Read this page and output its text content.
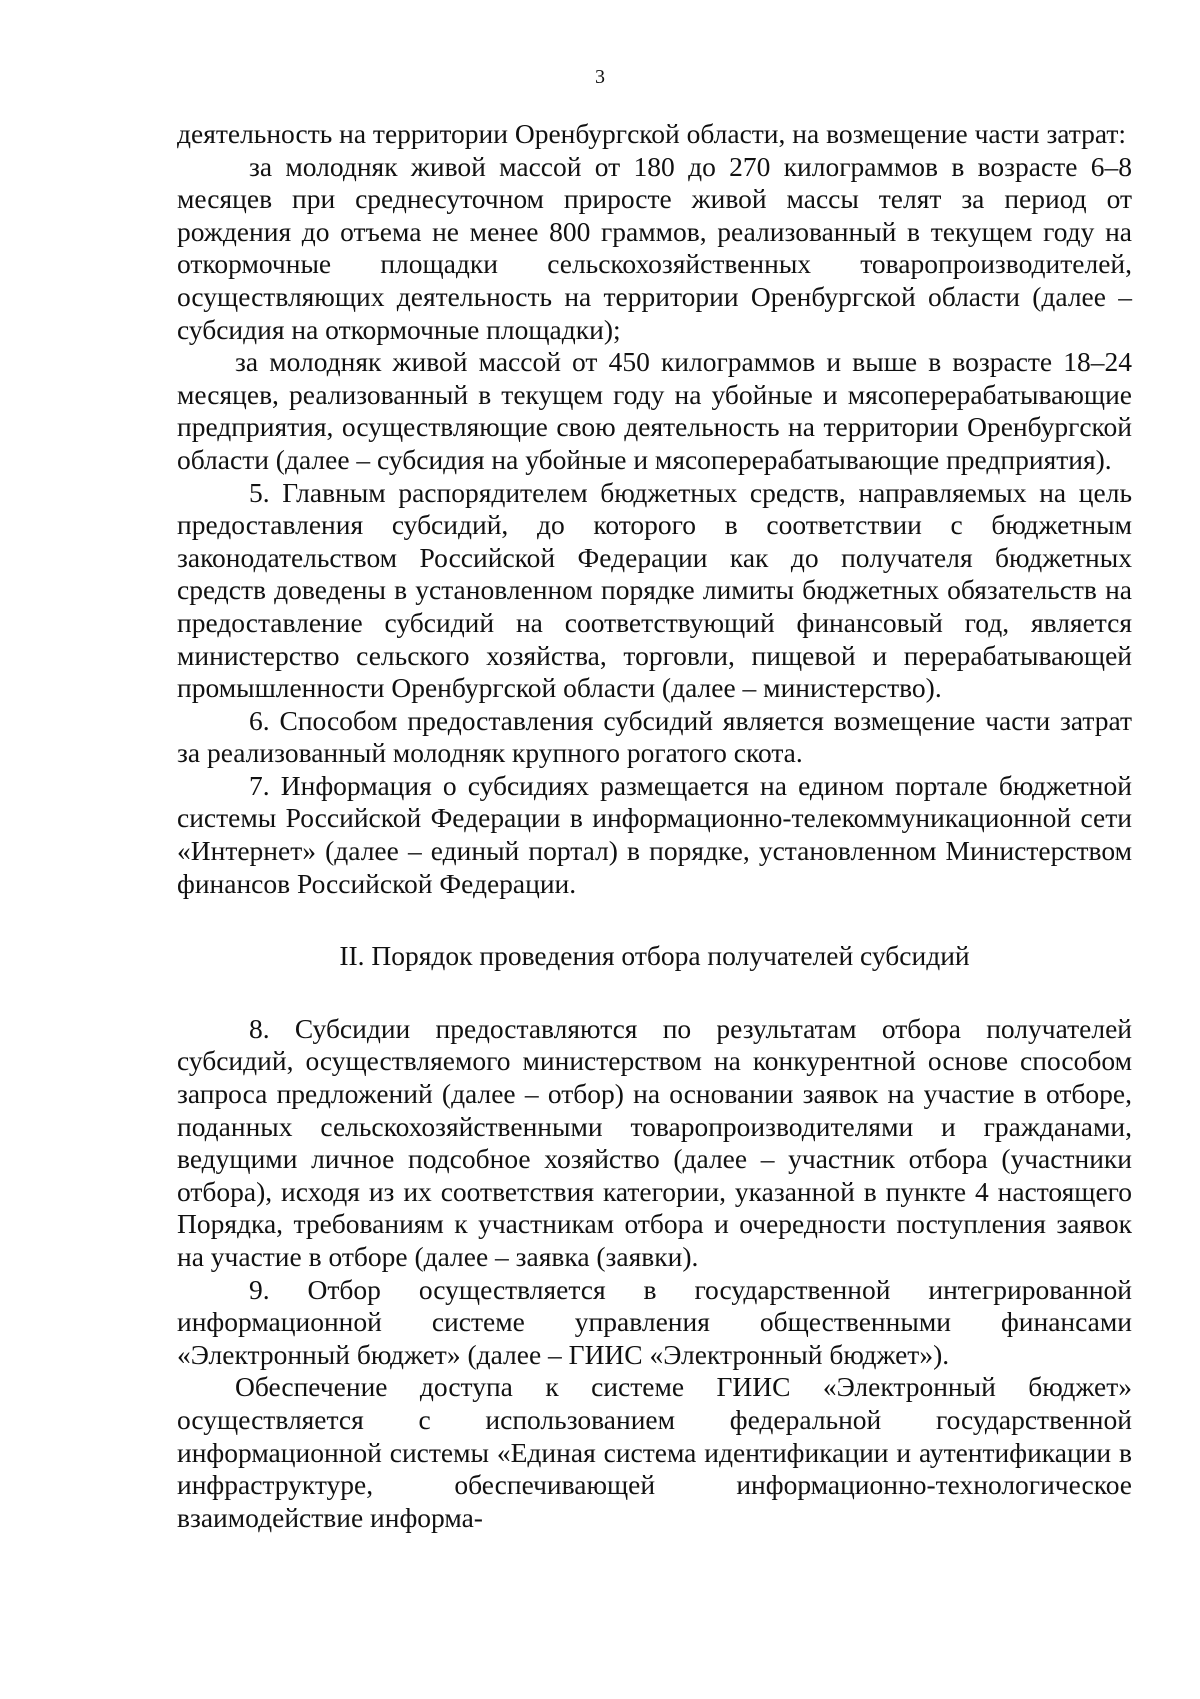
3

деятельность на территории Оренбургской области, на возмещение части затрат:

за молодняк живой массой от 180 до 270 килограммов в возрасте 6–8 месяцев при среднесуточном приросте живой массы телят за период от рождения до отъема не менее 800 граммов, реализованный в текущем году на откормочные площадки сельскохозяйственных товаропроизводителей, осуществляющих деятельность на территории Оренбургской области (далее – субсидия на откормочные площадки);

за молодняк живой массой от 450 килограммов и выше в возрасте 18–24 месяцев, реализованный в текущем году на убойные и мясоперерабатывающие предприятия, осуществляющие свою деятельность на территории Оренбургской области (далее – субсидия на убойные и мясоперерабатывающие предприятия).

5. Главным распорядителем бюджетных средств, направляемых на цель предоставления субсидий, до которого в соответствии с бюджетным законодательством Российской Федерации как до получателя бюджетных средств доведены в установленном порядке лимиты бюджетных обязательств на предоставление субсидий на соответствующий финансовый год, является министерство сельского хозяйства, торговли, пищевой и перерабатывающей промышленности Оренбургской области (далее – министерство).

6. Способом предоставления субсидий является возмещение части затрат за реализованный молодняк крупного рогатого скота.

7. Информация о субсидиях размещается на едином портале бюджетной системы Российской Федерации в информационно-телекоммуникационной сети «Интернет» (далее – единый портал) в порядке, установленном Министерством финансов Российской Федерации.

II. Порядок проведения отбора получателей субсидий

8. Субсидии предоставляются по результатам отбора получателей субсидий, осуществляемого министерством на конкурентной основе способом запроса предложений (далее – отбор) на основании заявок на участие в отборе, поданных сельскохозяйственными товаропроизводителями и гражданами, ведущими личное подсобное хозяйство (далее – участник отбора (участники отбора), исходя из их соответствия категории, указанной в пункте 4 настоящего Порядка, требованиям к участникам отбора и очередности поступления заявок на участие в отборе (далее – заявка (заявки).

9. Отбор осуществляется в государственной интегрированной информационной системе управления общественными финансами «Электронный бюджет» (далее – ГИИС «Электронный бюджет»).

Обеспечение доступа к системе ГИИС «Электронный бюджет» осуществляется с использованием федеральной государственной информационной системы «Единая система идентификации и аутентификации в инфраструктуре, обеспечивающей информационно-технологическое взаимодействие информа-
